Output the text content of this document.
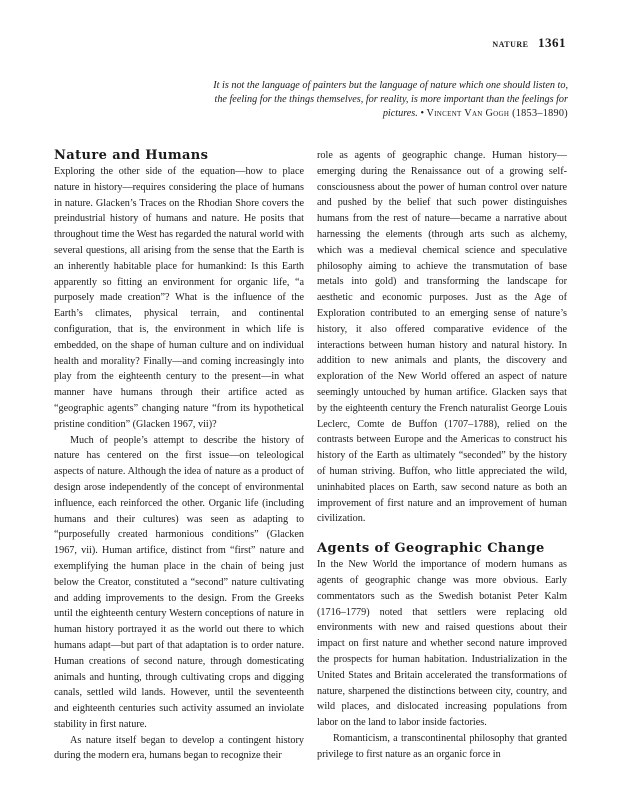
nature 1361
It is not the language of painters but the language of nature which one should listen to, the feeling for the things themselves, for reality, is more important than the feelings for pictures. • Vincent Van Gogh (1853–1890)
Nature and Humans

Exploring the other side of the equation—how to place nature in history—requires considering the place of humans in nature. Glacken’s Traces on the Rhodian Shore covers the preindustrial history of humans and nature. He posits that throughout time the West has regarded the natural world with several questions, all arising from the sense that the Earth is an inherently habitable place for humankind: Is this Earth apparently so fitting an environment for organic life, “a purposely made creation”? What is the influence of the Earth’s climates, physical terrain, and continental configuration, that is, the environment in which life is embedded, on the shape of human culture and on individual health and morality? Finally—and coming increasingly into play from the eighteenth century to the present—in what manner have humans through their artifice acted as “geographic agents” changing nature “from its hypothetical pristine condition” (Glacken 1967, vii)?

Much of people’s attempt to describe the history of nature has centered on the first issue—on teleological aspects of nature. Although the idea of nature as a product of design arose independently of the concept of environmental influence, each reinforced the other. Organic life (including humans and their cultures) was seen as adapting to “purposefully created harmonious conditions” (Glacken 1967, vii). Human artifice, distinct from “first” nature and exemplifying the human place in the chain of being just below the Creator, constituted a “second” nature cultivating and adding improvements to the design. From the Greeks until the eighteenth century Western conceptions of nature in human history portrayed it as the world out there to which humans adapt—but part of that adaptation is to order nature. Human creations of second nature, through domesticating animals and hunting, through cultivating crops and digging canals, settled wild lands. However, until the seventeenth and eighteenth centuries such activity assumed an inviolate stability in first nature.

As nature itself began to develop a contingent history during the modern era, humans began to recognize their

role as agents of geographic change. Human history—emerging during the Renaissance out of a growing self-consciousness about the power of human control over nature and pushed by the belief that such power distinguishes humans from the rest of nature—became a narrative about harnessing the elements (through arts such as alchemy, which was a medieval chemical science and speculative philosophy aiming to achieve the transmutation of base metals into gold) and transforming the landscape for aesthetic and economic purposes. Just as the Age of Exploration contributed to an emerging sense of nature’s history, it also offered comparative evidence of the interactions between human history and natural history. In addition to new animals and plants, the discovery and exploration of the New World offered an aspect of nature seemingly untouched by human artifice. Glacken says that by the eighteenth century the French naturalist George Louis Leclerc, Comte de Buffon (1707–1788), relied on the contrasts between Europe and the Americas to construct his history of the Earth as ultimately “seconded” by the history of human striving. Buffon, who little appreciated the wild, uninhabited places on Earth, saw second nature as both an improvement of first nature and an improvement of human civilization.

Agents of Geographic Change

In the New World the importance of modern humans as agents of geographic change was more obvious. Early commentators such as the Swedish botanist Peter Kalm (1716–1779) noted that settlers were replacing old environments with new and raised questions about their impact on first nature and whether second nature improved the prospects for human habitation. Industrialization in the United States and Britain accelerated the transformations of nature, sharpened the distinctions between city, country, and wild places, and dislocated increasing populations from labor on the land to labor inside factories.

Romanticism, a transcontinental philosophy that granted privilege to first nature as an organic force in
